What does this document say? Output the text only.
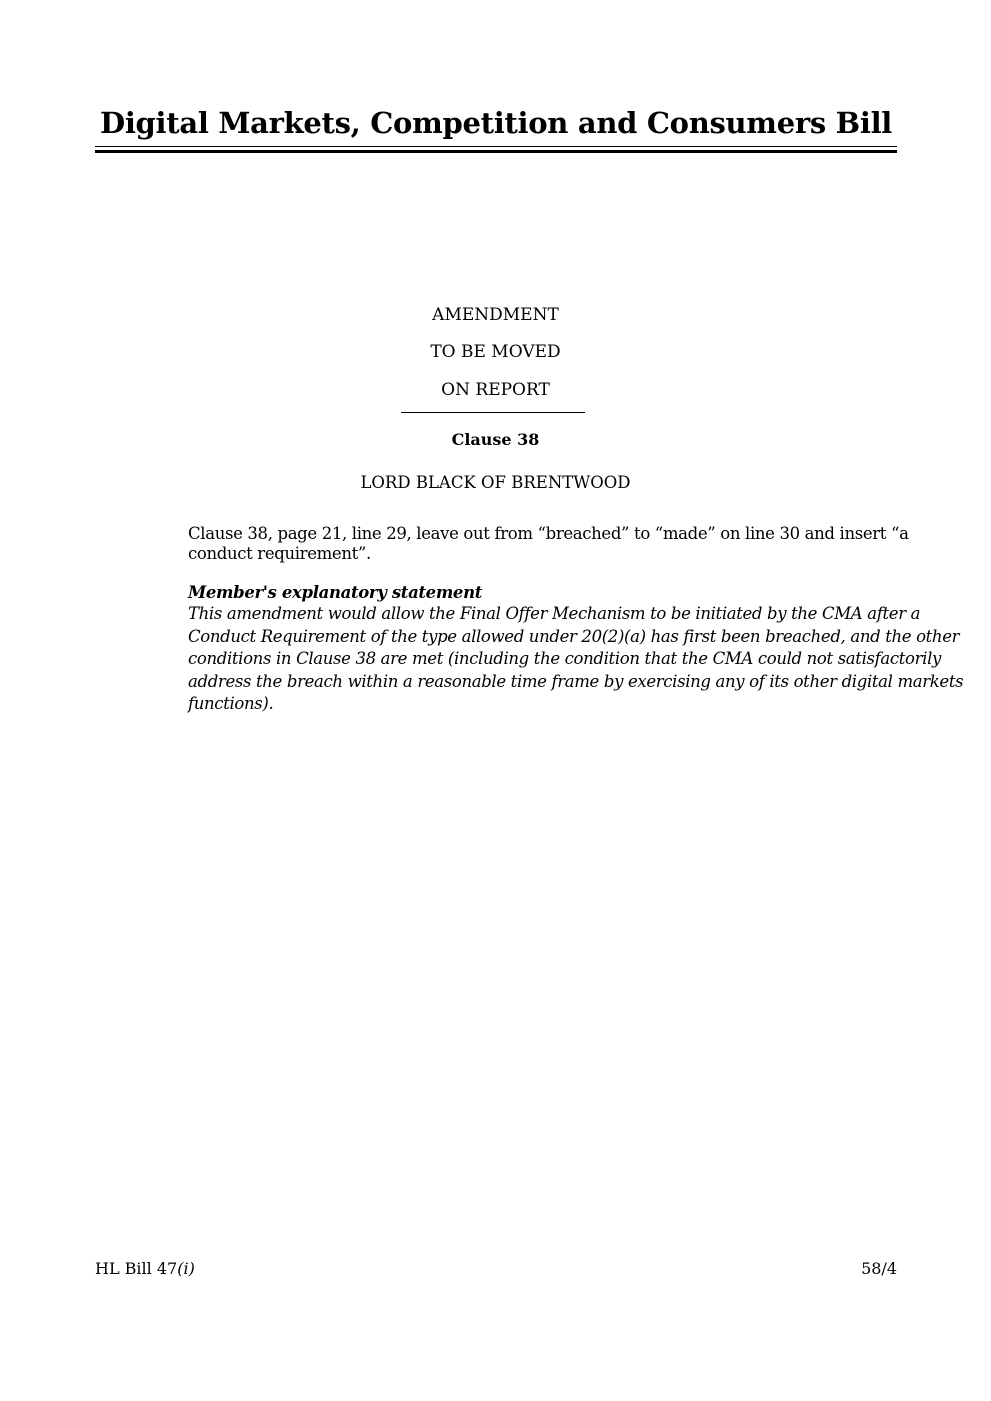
Digital Markets, Competition and Consumers Bill
AMENDMENT
TO BE MOVED
ON REPORT
Clause 38
LORD BLACK OF BRENTWOOD
Clause 38, page 21, line 29, leave out from “breached” to “made” on line 30 and insert “a
conduct requirement”.
Member's explanatory statement
This amendment would allow the Final Offer Mechanism to be initiated by the CMA after a
Conduct Requirement of the type allowed under 20(2)(a) has first been breached, and the other
conditions in Clause 38 are met (including the condition that the CMA could not satisfactorily
address the breach within a reasonable time frame by exercising any of its other digital markets
functions).
HL Bill 47(i)	58/4
